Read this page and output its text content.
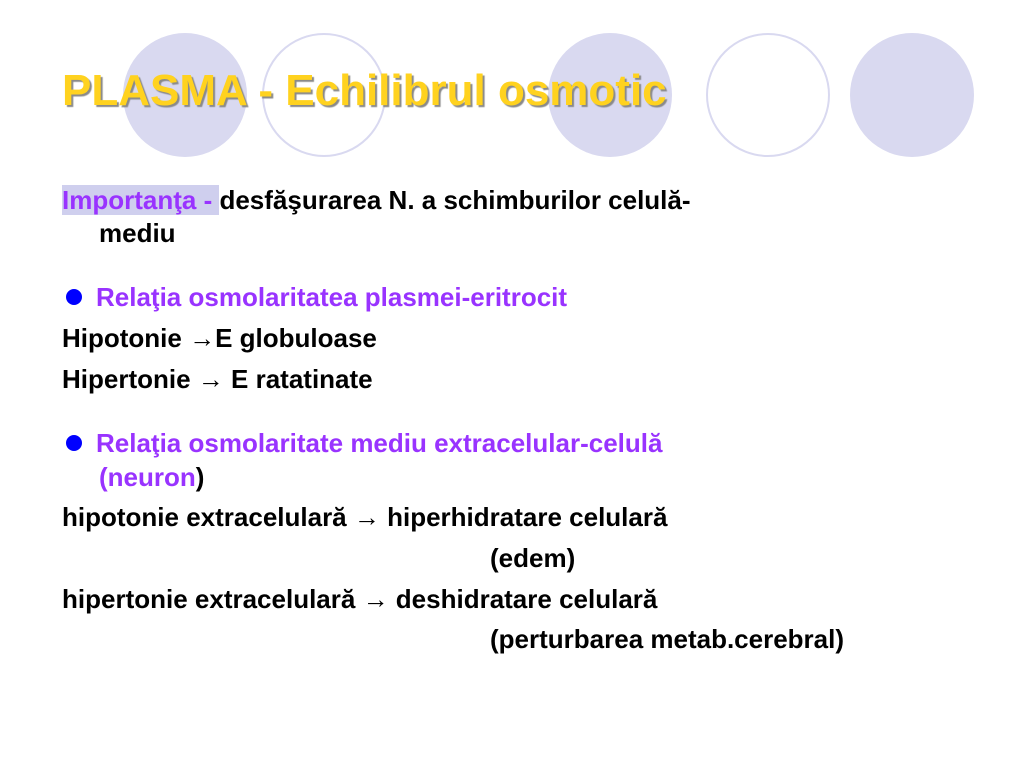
PLASMA - Echilibrul osmotic
Importanţa - desfăşurarea N. a schimburilor celulă-
mediu
Relaţia osmolaritatea plasmei-eritrocit
Hipotonie →E globuloase
Hipertonie → E ratatinate
Relaţia osmolaritate mediu extracelular-celulă
(neuron)
hipotonie extracelulară → hiperhidratare celulară
(edem)
hipertonie extracelulară → deshidratare celulară
(perturbarea metab.cerebral)
